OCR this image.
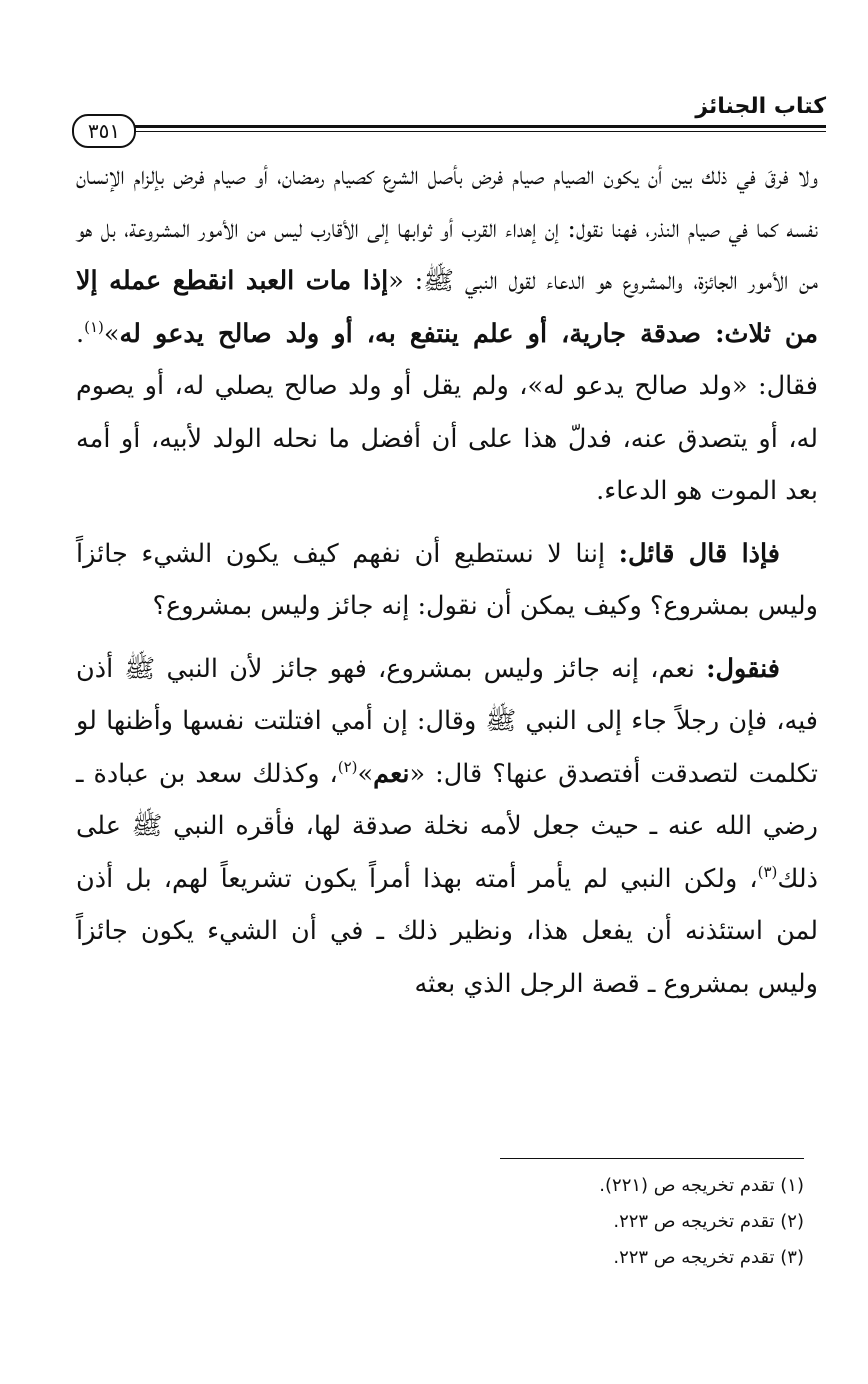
كتاب الجنائز
٣٥١

ولا فرقَ في ذلك بين أن يكون الصيام صيام فرض بأصل الشرع كصيام رمضان، أو صيام فرض بإلزام الإنسان نفسه كما في صيام النذر، فهنا نقول: إن إهداء القرب أو ثوابها إلى الأقارب ليس من الأمور المشروعة، بل هو من الأمور الجائزة، والمشروع هو الدعاء لقول النبي ﷺ: «إذا مات العبد انقطع عمله إلا من ثلاث: صدقة جارية، أو علم ينتفع به، أو ولد صالح يدعو له»$^{(١)}$. فقال: «ولد صالح يدعو له»، ولم يقل أو ولد صالح يصلي له، أو يصوم له، أو يتصدق عنه، فدلّ هذا على أن أفضل ما نحله الولد لأبيه، أو أمه بعد الموت هو الدعاء.

فإذا قال قائل: إننا لا نستطيع أن نفهم كيف يكون الشيء جائزاً وليس بمشروع؟ وكيف يمكن أن نقول: إنه جائز وليس بمشروع؟

فنقول: نعم، إنه جائز وليس بمشروع، فهو جائز لأن النبي ﷺ أذن فيه، فإن رجلاً جاء إلى النبي ﷺ وقال: إن أمي افتلتت نفسها وأظنها لو تكلمت لتصدقت أفتصدق عنها؟ قال: «نعم»$^{(٢)}$، وكذلك سعد بن عبادة ـ رضي الله عنه ـ حيث جعل لأمه نخلة صدقة لها، فأقره النبي ﷺ على ذلك$^{(٣)}$، ولكن النبي لم يأمر أمته بهذا أمراً يكون تشريعاً لهم، بل أذن لمن استئذنه أن يفعل هذا، ونظير ذلك ـ في أن الشيء يكون جائزاً وليس بمشروع ـ قصة الرجل الذي بعثه

(١) تقدم تخريجه ص (٢٢١).
(٢) تقدم تخريجه ص ٢٢٣.
(٣) تقدم تخريجه ص ٢٢٣.
